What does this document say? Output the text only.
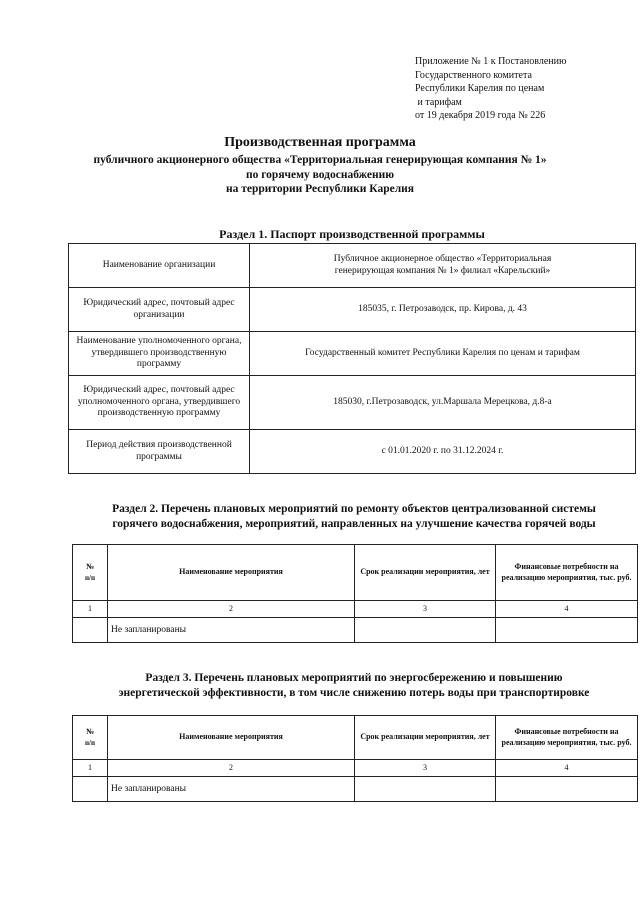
Приложение № 1 к Постановлению
Государственного комитета
Республики Карелия по ценам
и тарифам
от 19 декабря 2019 года № 226
Производственная программа
публичного акционерного общества «Территориальная генерирующая компания № 1»
по горячему водоснабжению
на территории Республики Карелия
Раздел 1. Паспорт производственной программы
Наименование организации	Публичное акционерное общество «Территориальная генерирующая компания № 1» филиал «Карельский»
Юридический адрес, почтовый адрес организации	185035, г. Петрозаводск, пр. Кирова, д. 43
Наименование уполномоченного органа, утвердившего производственную программу	Государственный комитет Республики Карелия по ценам и тарифам
Юридический адрес, почтовый адрес уполномоченного органа, утвердившего производственную программу	185030, г.Петрозаводск, ул.Маршала Мерецкова, д.8-а
Период действия производственной программы	с 01.01.2020 г. по 31.12.2024 г.
Раздел 2. Перечень плановых мероприятий по ремонту объектов централизованной системы
горячего водоснабжения, мероприятий, направленных на улучшение качества горячей воды
№
п/п	Наименование мероприятия	Срок реализации мероприятия, лет	Финансовые потребности на реализацию мероприятия, тыс. руб.
1	2	3	4
	Не запланированы		
Раздел 3. Перечень плановых мероприятий по энергосбережению и повышению
энергетической эффективности, в том числе снижению потерь воды при транспортировке
№
п/п	Наименование мероприятия	Срок реализации мероприятия, лет	Финансовые потребности на реализацию мероприятия, тыс. руб.
1	2	3	4
	Не запланированы		
